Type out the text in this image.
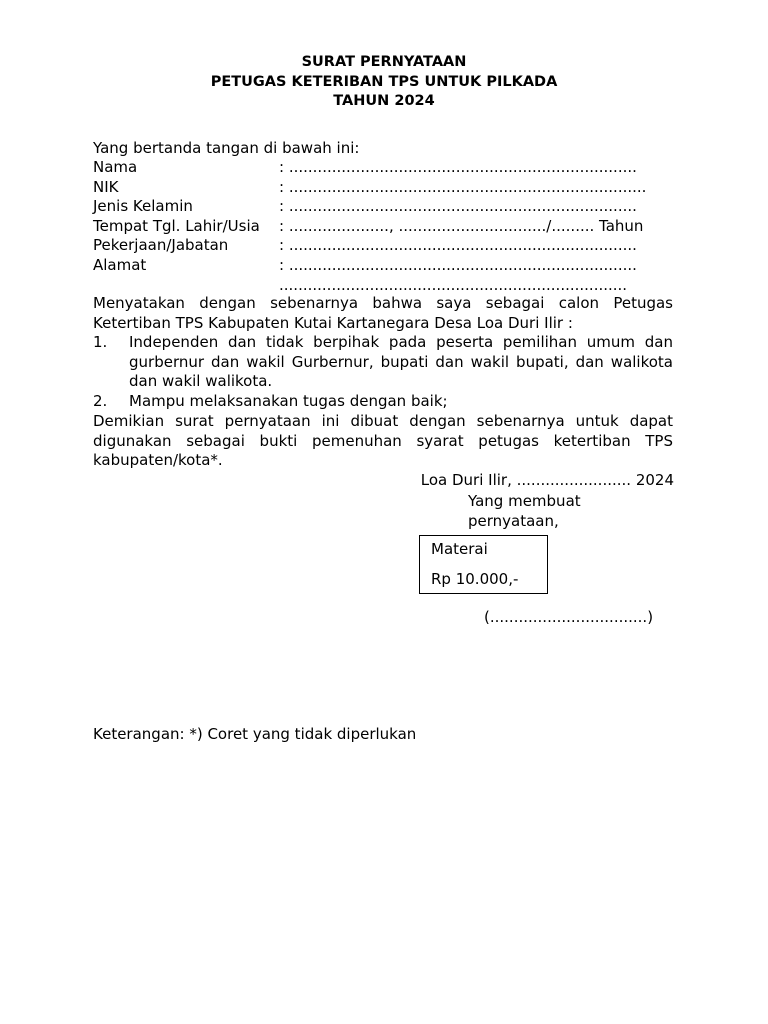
SURAT PERNYATAAN
PETUGAS KETERIBAN TPS UNTUK PILKADA
TAHUN 2024
Yang bertanda tangan di bawah ini:
Nama	: .........................................................................
NIK	: ...........................................................................
Jenis Kelamin	: .........................................................................
Tempat Tgl. Lahir/Usia : ....................., .............................../......... Tahun
Pekerjaan/Jabatan	: .........................................................................
Alamat	: .........................................................................
.........................................................................
Menyatakan dengan sebenarnya bahwa saya sebagai calon Petugas
Ketertiban TPS Kabupaten Kutai Kartanegara Desa Loa Duri Ilir :
1. Independen dan tidak berpihak pada peserta pemilihan umum dan
gurbernur dan wakil Gurbernur, bupati dan wakil bupati, dan walikota
dan wakil walikota.
2. Mampu melaksanakan tugas dengan baik;
Demikian surat pernyataan ini dibuat dengan sebenarnya untuk dapat
digunakan sebagai bukti pemenuhan syarat petugas ketertiban TPS
kabupaten/kota*.
Loa Duri Ilir, ........................ 2024
Yang membuat
pernyataan,
Materai
Rp 10.000,-
(.................................)
Keterangan: *) Coret yang tidak diperlukan
